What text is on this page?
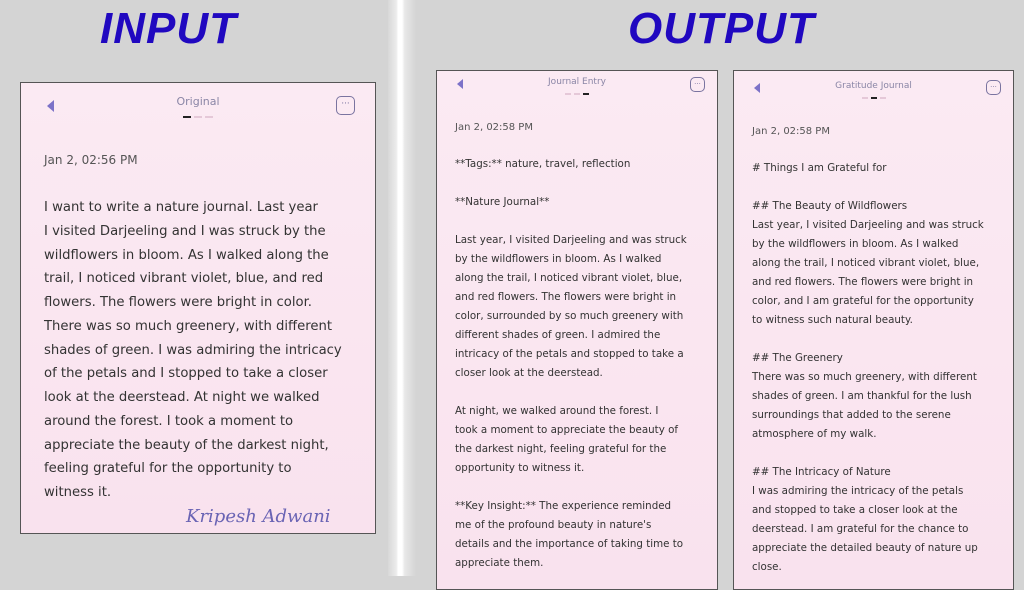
INPUT	OUTPUT
Original	···
Jan 2, 02:56 PM
I want to write a nature journal. Last year
I visited Darjeeling and I was struck by the
wildflowers in bloom. As I walked along the
trail, I noticed vibrant violet, blue, and red
flowers. The flowers were bright in color.
There was so much greenery, with different
shades of green. I was admiring the intricacy
of the petals and I stopped to take a closer
look at the deerstead. At night we walked
around the forest. I took a moment to
appreciate the beauty of the darkest night,
feeling grateful for the opportunity to
witness it.
Kripesh Adwani
Journal Entry	···
Jan 2, 02:58 PM
**Tags:** nature, travel, reflection

**Nature Journal**

Last year, I visited Darjeeling and was struck
by the wildflowers in bloom. As I walked
along the trail, I noticed vibrant violet, blue,
and red flowers. The flowers were bright in
color, surrounded by so much greenery with
different shades of green. I admired the
intricacy of the petals and stopped to take a
closer look at the deerstead.

At night, we walked around the forest. I
took a moment to appreciate the beauty of
the darkest night, feeling grateful for the
opportunity to witness it.

**Key Insight:** The experience reminded
me of the profound beauty in nature's
details and the importance of taking time to
appreciate them.
Gratitude Journal	···
Jan 2, 02:58 PM
# Things I am Grateful for

## The Beauty of Wildflowers
Last year, I visited Darjeeling and was struck
by the wildflowers in bloom. As I walked
along the trail, I noticed vibrant violet, blue,
and red flowers. The flowers were bright in
color, and I am grateful for the opportunity
to witness such natural beauty.

## The Greenery
There was so much greenery, with different
shades of green. I am thankful for the lush
surroundings that added to the serene
atmosphere of my walk.

## The Intricacy of Nature
I was admiring the intricacy of the petals
and stopped to take a closer look at the
deerstead. I am grateful for the chance to
appreciate the detailed beauty of nature up
close.
